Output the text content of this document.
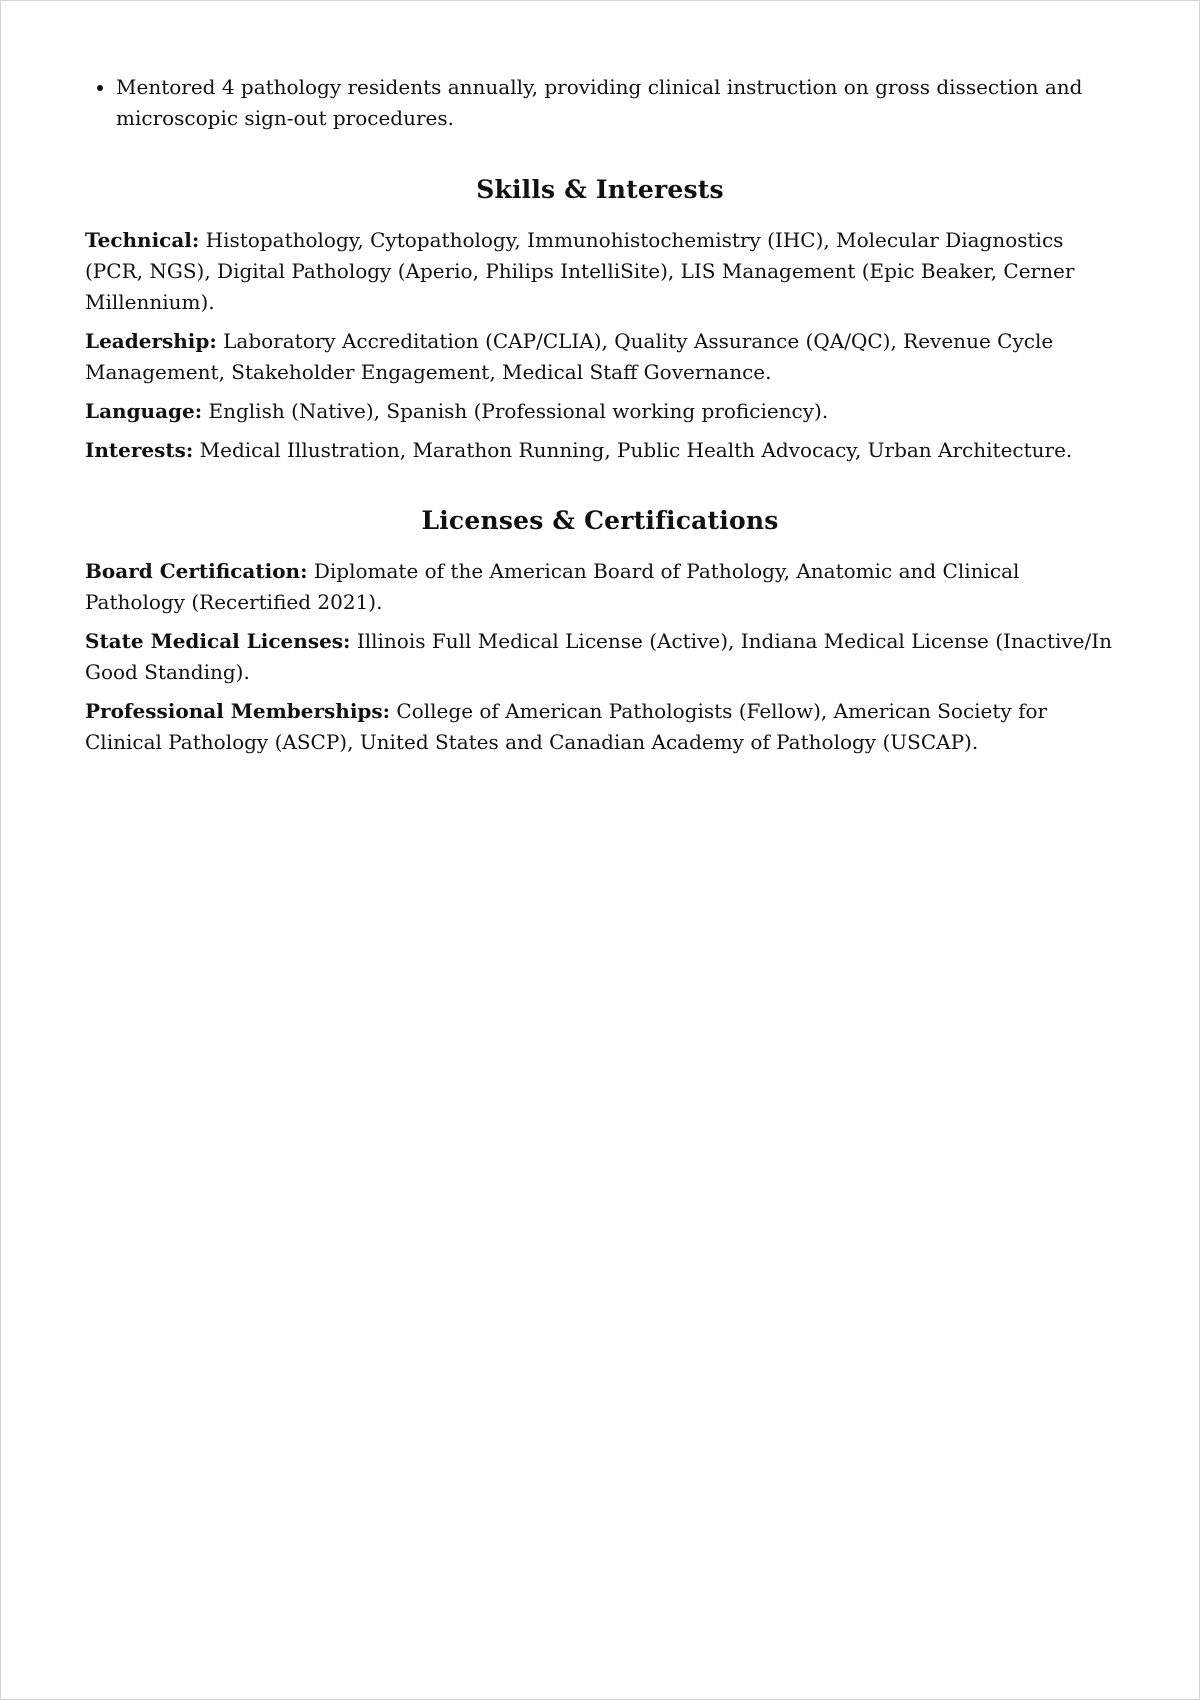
• Mentored 4 pathology residents annually, providing clinical instruction on gross dissection and microscopic sign-out procedures.
Skills & Interests

Technical: Histopathology, Cytopathology, Immunohistochemistry (IHC), Molecular Diagnostics (PCR, NGS), Digital Pathology (Aperio, Philips IntelliSite), LIS Management (Epic Beaker, Cerner Millennium).

Leadership: Laboratory Accreditation (CAP/CLIA), Quality Assurance (QA/QC), Revenue Cycle Management, Stakeholder Engagement, Medical Staff Governance.

Language: English (Native), Spanish (Professional working proficiency).

Interests: Medical Illustration, Marathon Running, Public Health Advocacy, Urban Architecture.

Licenses & Certifications

Board Certification: Diplomate of the American Board of Pathology, Anatomic and Clinical Pathology (Recertified 2021).

State Medical Licenses: Illinois Full Medical License (Active), Indiana Medical License (Inactive/In Good Standing).

Professional Memberships: College of American Pathologists (Fellow), American Society for Clinical Pathology (ASCP), United States and Canadian Academy of Pathology (USCAP).
